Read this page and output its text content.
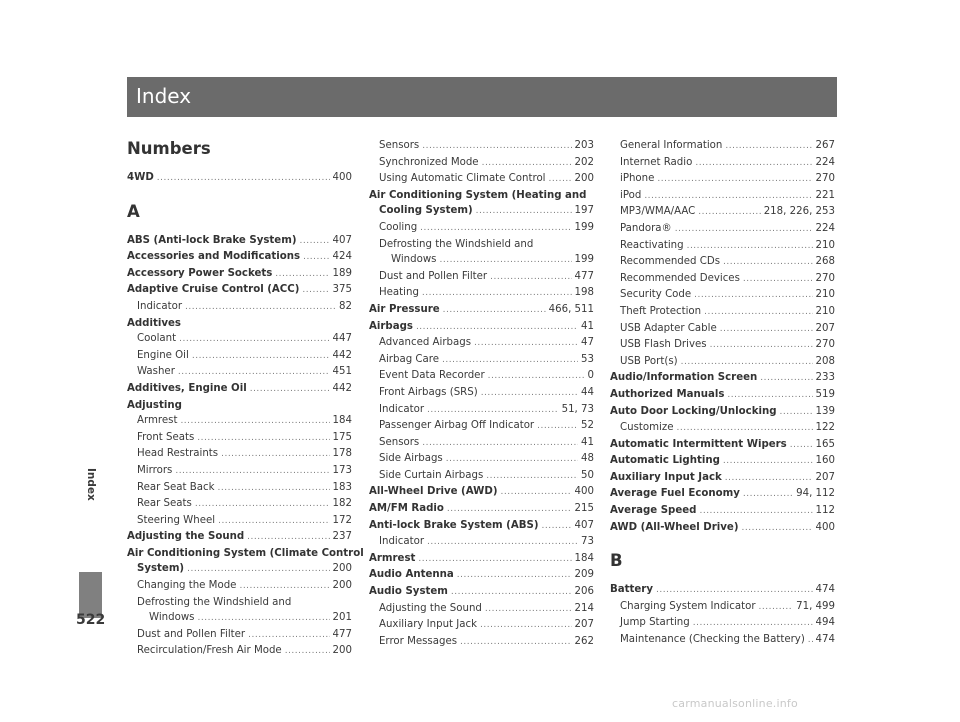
Index
Index
Numbers
4WD .....	400
A
ABS (Anti-lock Brake System) .....	407
Accessories and Modifications .....	424
Accessory Power Sockets .....	189
Adaptive Cruise Control (ACC) .....	375
Indicator .....	82
Additives
Coolant .....	447
Engine Oil .....	442
Washer .....	451
Additives, Engine Oil .....	442
Adjusting
Armrest .....	184
Front Seats .....	175
Head Restraints .....	178
Mirrors .....	173
Rear Seat Back .....	183
Rear Seats .....	182
Steering Wheel .....	172
Adjusting the Sound .....	237
Air Conditioning System (Climate Control
System) .....	200
Changing the Mode .....	200
Defrosting the Windshield and
Windows .....	201
Dust and Pollen Filter .....	477
Recirculation/Fresh Air Mode .....	200
Sensors .....	203
Synchronized Mode .....	202
Using Automatic Climate Control .....	200
Air Conditioning System (Heating and
Cooling System) .....	197
Cooling .....	199
Defrosting the Windshield and
Windows .....	199
Dust and Pollen Filter .....	477
Heating .....	198
Air Pressure .....	466, 511
Airbags .....	41
Advanced Airbags .....	47
Airbag Care .....	53
Event Data Recorder .....	0
Front Airbags (SRS) .....	44
Indicator .....	51, 73
Passenger Airbag Off Indicator .....	52
Sensors .....	41
Side Airbags .....	48
Side Curtain Airbags .....	50
All-Wheel Drive (AWD) .....	400
AM/FM Radio .....	215
Anti-lock Brake System (ABS) .....	407
Indicator .....	73
Armrest .....	184
Audio Antenna .....	209
Audio System .....	206
Adjusting the Sound .....	214
Auxiliary Input Jack .....	207
Error Messages .....	262
General Information .....	267
Internet Radio .....	224
iPhone .....	270
iPod .....	221
MP3/WMA/AAC .....	218, 226, 253
Pandora® .....	224
Reactivating .....	210
Recommended CDs .....	268
Recommended Devices .....	270
Security Code .....	210
Theft Protection .....	210
USB Adapter Cable .....	207
USB Flash Drives .....	270
USB Port(s) .....	208
Audio/Information Screen .....	233
Authorized Manuals .....	519
Auto Door Locking/Unlocking .....	139
Customize .....	122
Automatic Intermittent Wipers .....	165
Automatic Lighting .....	160
Auxiliary Input Jack .....	207
Average Fuel Economy .....	94, 112
Average Speed .....	112
AWD (All-Wheel Drive) .....	400
B
Battery .....	474
Charging System Indicator .....	71, 499
Jump Starting .....	494
Maintenance (Checking the Battery) ..... 474
522
carmanualsonline.info
